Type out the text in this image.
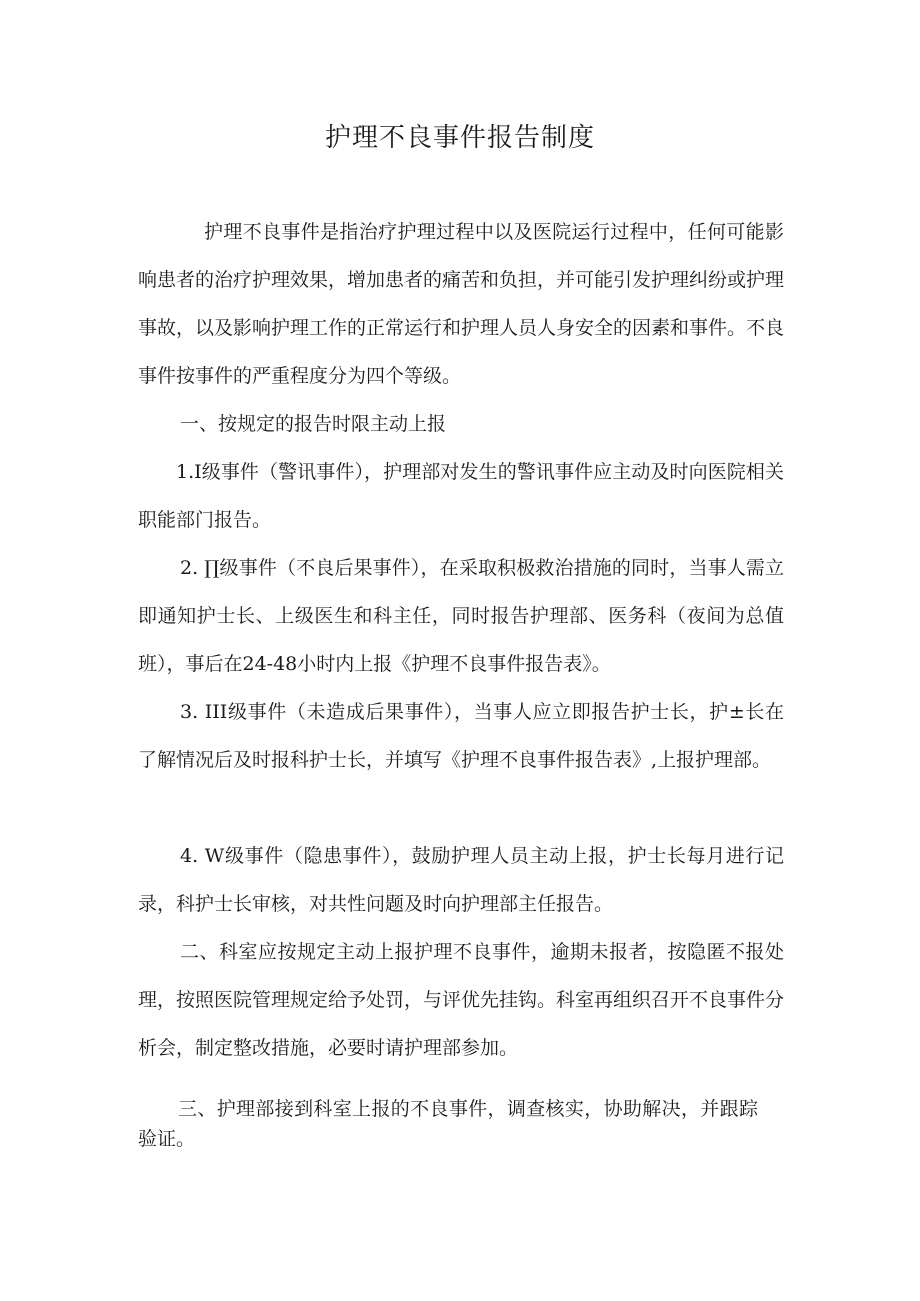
护理不良事件报告制度

护理不良事件是指治疗护理过程中以及医院运行过程中，任何可能影响患者的治疗护理效果，增加患者的痛苦和负担，并可能引发护理纠纷或护理事故，以及影响护理工作的正常运行和护理人员人身安全的因素和事件。不良事件按事件的严重程度分为四个等级。

一、按规定的报告时限主动上报

1.I级事件（警讯事件），护理部对发生的警讯事件应主动及时向医院相关职能部门报告。

2. ∏级事件（不良后果事件），在采取积极救治措施的同时，当事人需立即通知护士长、上级医生和科主任，同时报告护理部、医务科（夜间为总值班），事后在24-48小时内上报《护理不良事件报告表》。

3. III级事件（未造成后果事件），当事人应立即报告护士长，护±长在了解情况后及时报科护士长，并填写《护理不良事件报告表》,上报护理部。

4. W级事件（隐患事件），鼓励护理人员主动上报，护士长每月进行记录，科护士长审核，对共性问题及时向护理部主任报告。

二、科室应按规定主动上报护理不良事件，逾期未报者，按隐匿不报处理，按照医院管理规定给予处罚，与评优先挂钩。科室再组织召开不良事件分析会，制定整改措施，必要时请护理部参加。

三、护理部接到科室上报的不良事件，调查核实，协助解决，并跟踪验证。
